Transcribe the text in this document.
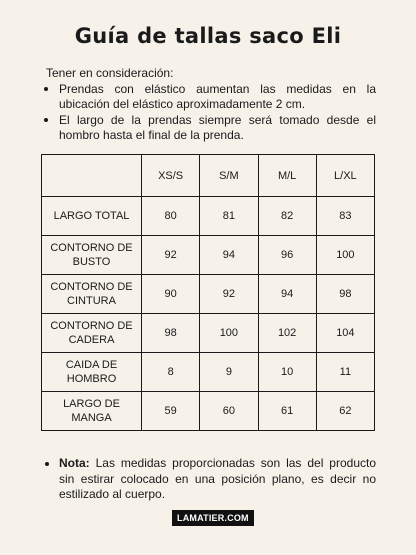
Guía de tallas saco Eli
Tener en consideración:
• Prendas con elástico aumentan las medidas en la ubicación del elástico aproximadamente 2 cm.
• El largo de la prendas siempre será tomado desde el hombro hasta el final de la prenda.
	XS/S	S/M	M/L	L/XL
LARGO TOTAL	80	81	82	83
CONTORNO DE BUSTO	92	94	96	100
CONTORNO DE CINTURA	90	92	94	98
CONTORNO DE CADERA	98	100	102	104
CAIDA DE HOMBRO	8	9	10	11
LARGO DE MANGA	59	60	61	62
• Nota: Las medidas proporcionadas son las del producto sin estirar colocado en una posición plano, es decir no estilizado al cuerpo.
LAMATIER.COM
